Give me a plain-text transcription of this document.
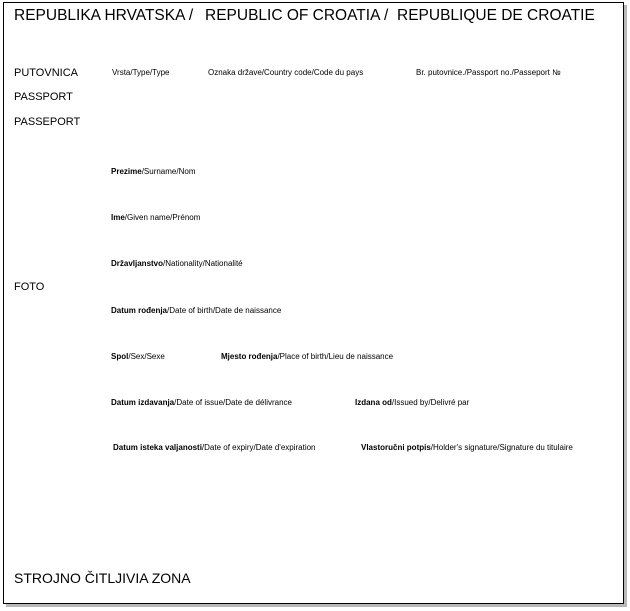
REPUBLIKA HRVATSKA / REPUBLIC OF CROATIA / REPUBLIQUE DE CROATIE
PUTOVNICA
PASSPORT
PASSEPORT
Vrsta/Type/Type	Oznaka države/Country code/Code du pays	Br. putovnice./Passport no./Passeport №
FOTO
Prezime/Surname/Nom
Ime/Given name/Prénom
Državljanstvo/Nationality/Nationalité
Datum rođenja/Date of birth/Date de naissance
Spol/Sex/Sexe	Mjesto rođenja/Place of birth/Lieu de naissance
Datum izdavanja/Date of issue/Date de délivrance	Izdana od/Issued by/Delivré par
Datum isteka valjanosti/Date of expiry/Date d'expiration	Vlastoručni potpis/Holder's signature/Signature du titulaire
STROJNO ČITLJIVIA ZONA
